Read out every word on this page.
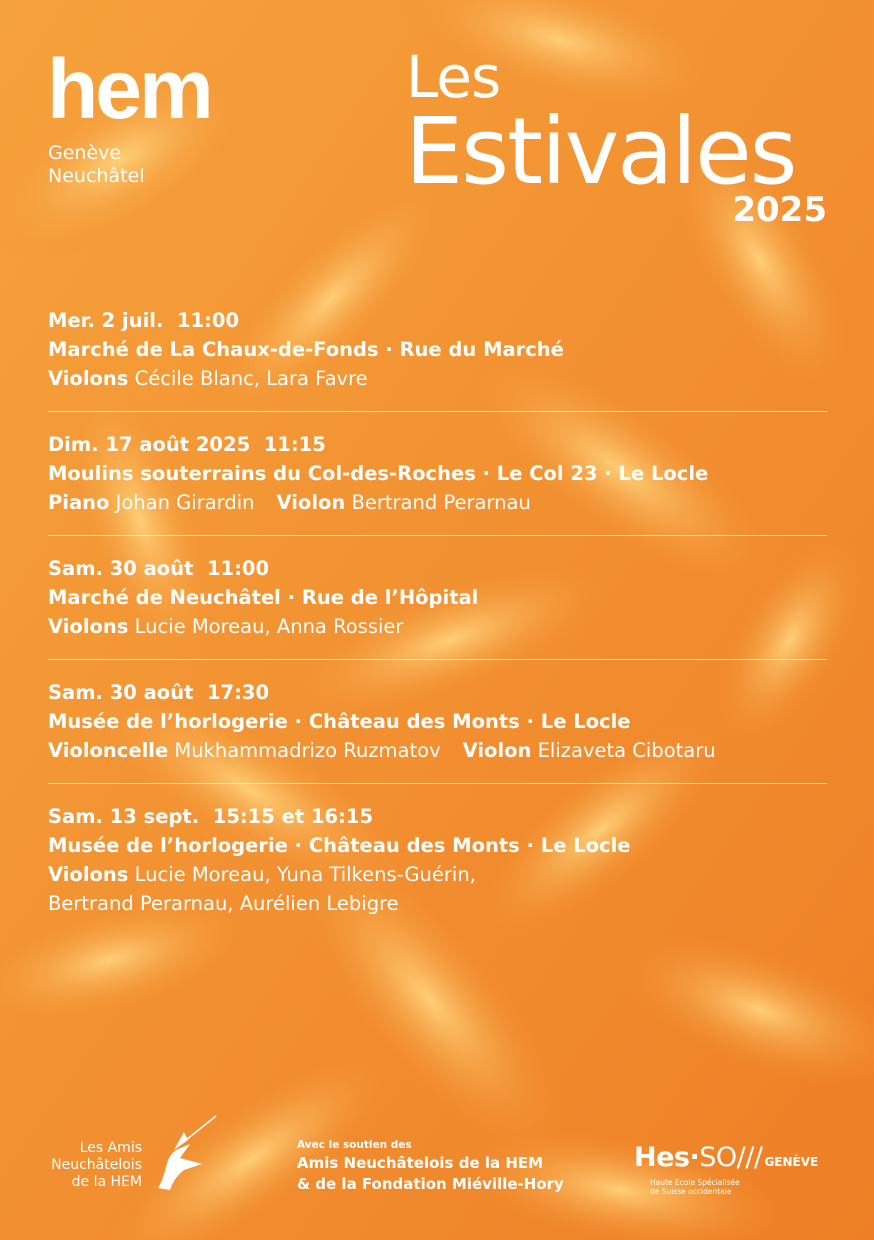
hem
Genève
Neuchâtel
Les
Estivales
2025
Mer. 2 juil. 11:00
Marché de La Chaux-de-Fonds · Rue du Marché
Violons Cécile Blanc, Lara Favre
Dim. 17 août 2025 11:15
Moulins souterrains du Col-des-Roches · Le Col 23 · Le Locle
Piano Johan Girardin Violon Bertrand Perarnau
Sam. 30 août 11:00
Marché de Neuchâtel · Rue de l’Hôpital
Violons Lucie Moreau, Anna Rossier
Sam. 30 août 17:30
Musée de l’horlogerie · Château des Monts · Le Locle
Violoncelle Mukhammadrizo Ruzmatov Violon Elizaveta Cibotaru
Sam. 13 sept. 15:15 et 16:15
Musée de l’horlogerie · Château des Monts · Le Locle
Violons Lucie Moreau, Yuna Tilkens-Guérin,
Bertrand Perarnau, Aurélien Lebigre
Les Amis
Neuchâtelois
de la HEM
Avec le soutien des
Amis Neuchâtelois de la HEM
& de la Fondation Miéville-Hory
Hes·SO/// GENÈVE
Haute Ecole Spécialisée
de Suisse occidentale
